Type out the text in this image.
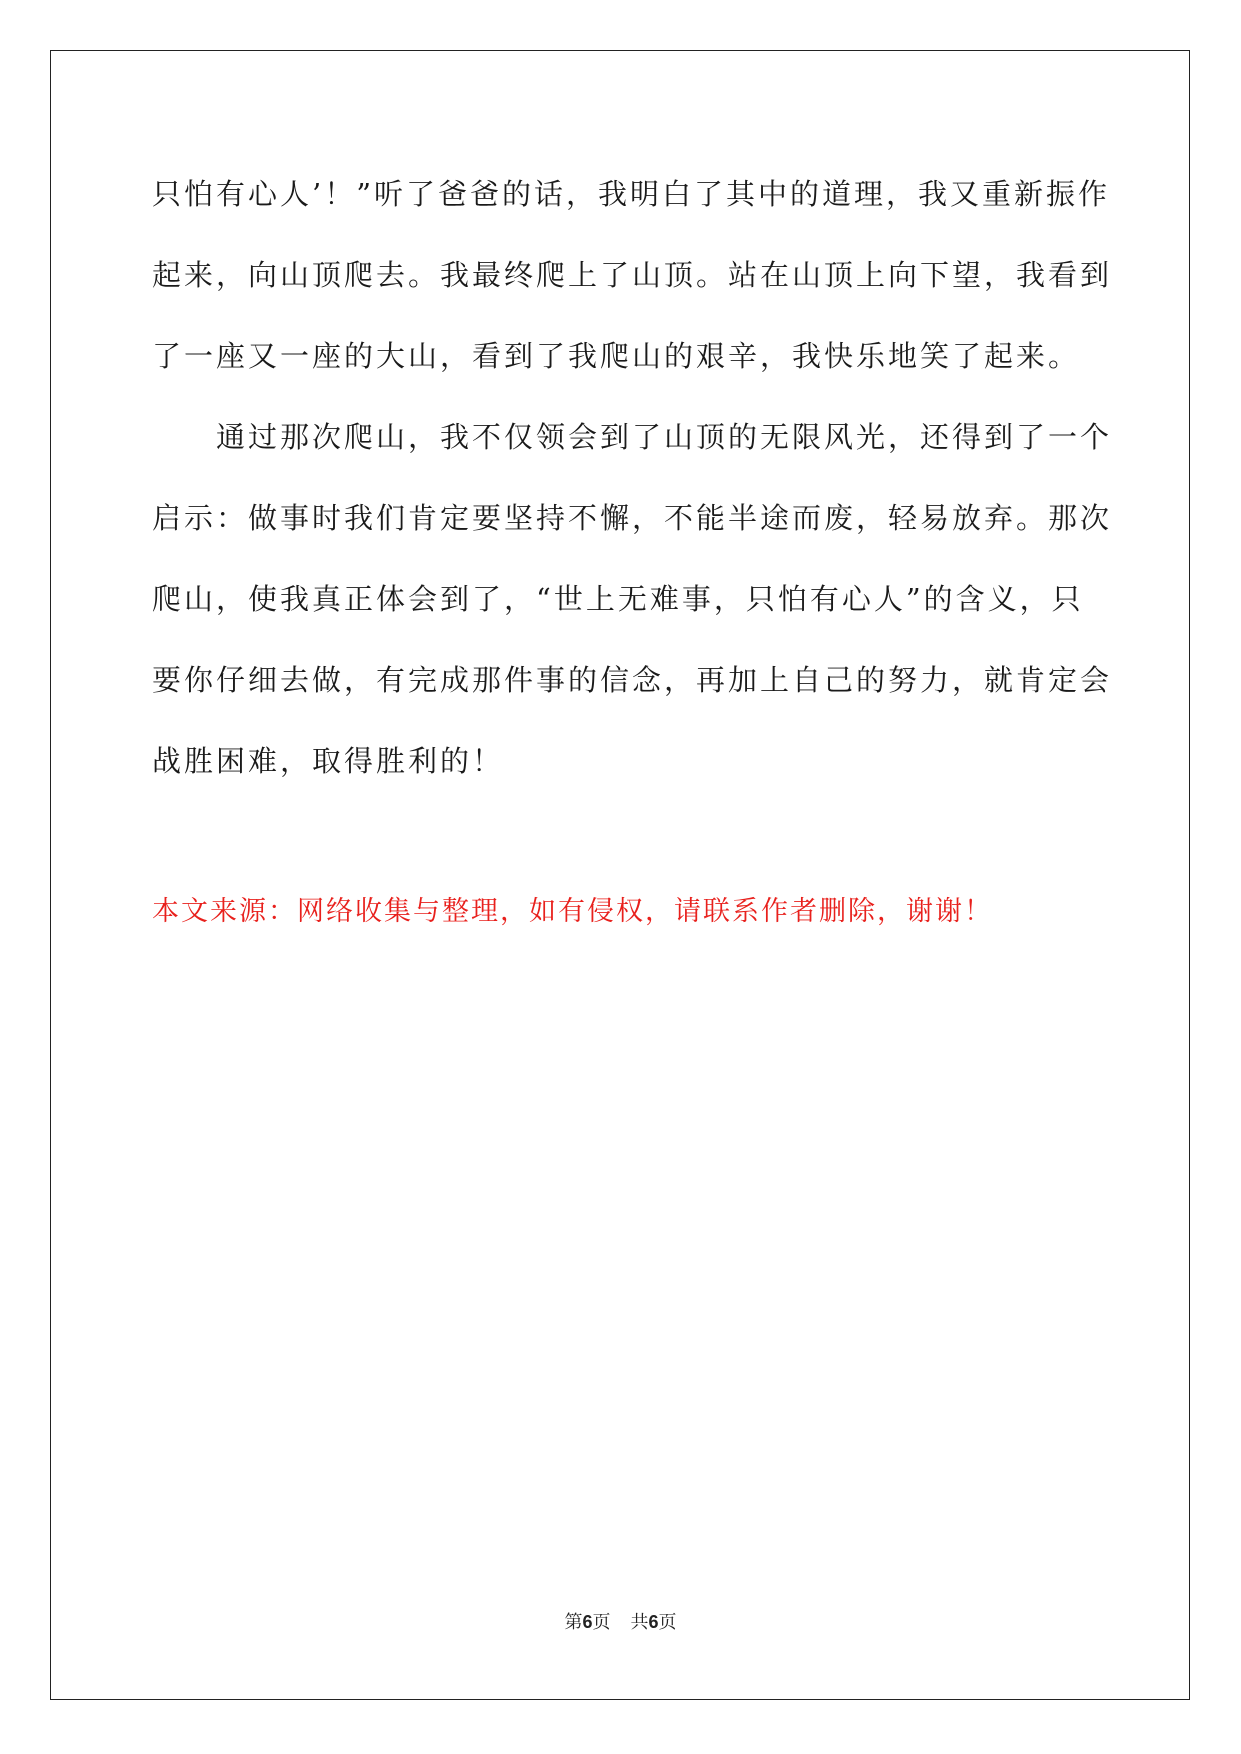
只怕有心人’！”听了爸爸的话，我明白了其中的道理，我又重新振作
起来，向山顶爬去。我最终爬上了山顶。站在山顶上向下望，我看到
了一座又一座的大山，看到了我爬山的艰辛，我快乐地笑了起来。

通过那次爬山，我不仅领会到了山顶的无限风光，还得到了一个
启示：做事时我们肯定要坚持不懈，不能半途而废，轻易放弃。那次
爬山，使我真正体会到了，“世上无难事，只怕有心人”的含义，只
要你仔细去做，有完成那件事的信念，再加上自己的努力，就肯定会
战胜困难，取得胜利的！

本文来源：网络收集与整理，如有侵权，请联系作者删除，谢谢！
第6页 共6页
